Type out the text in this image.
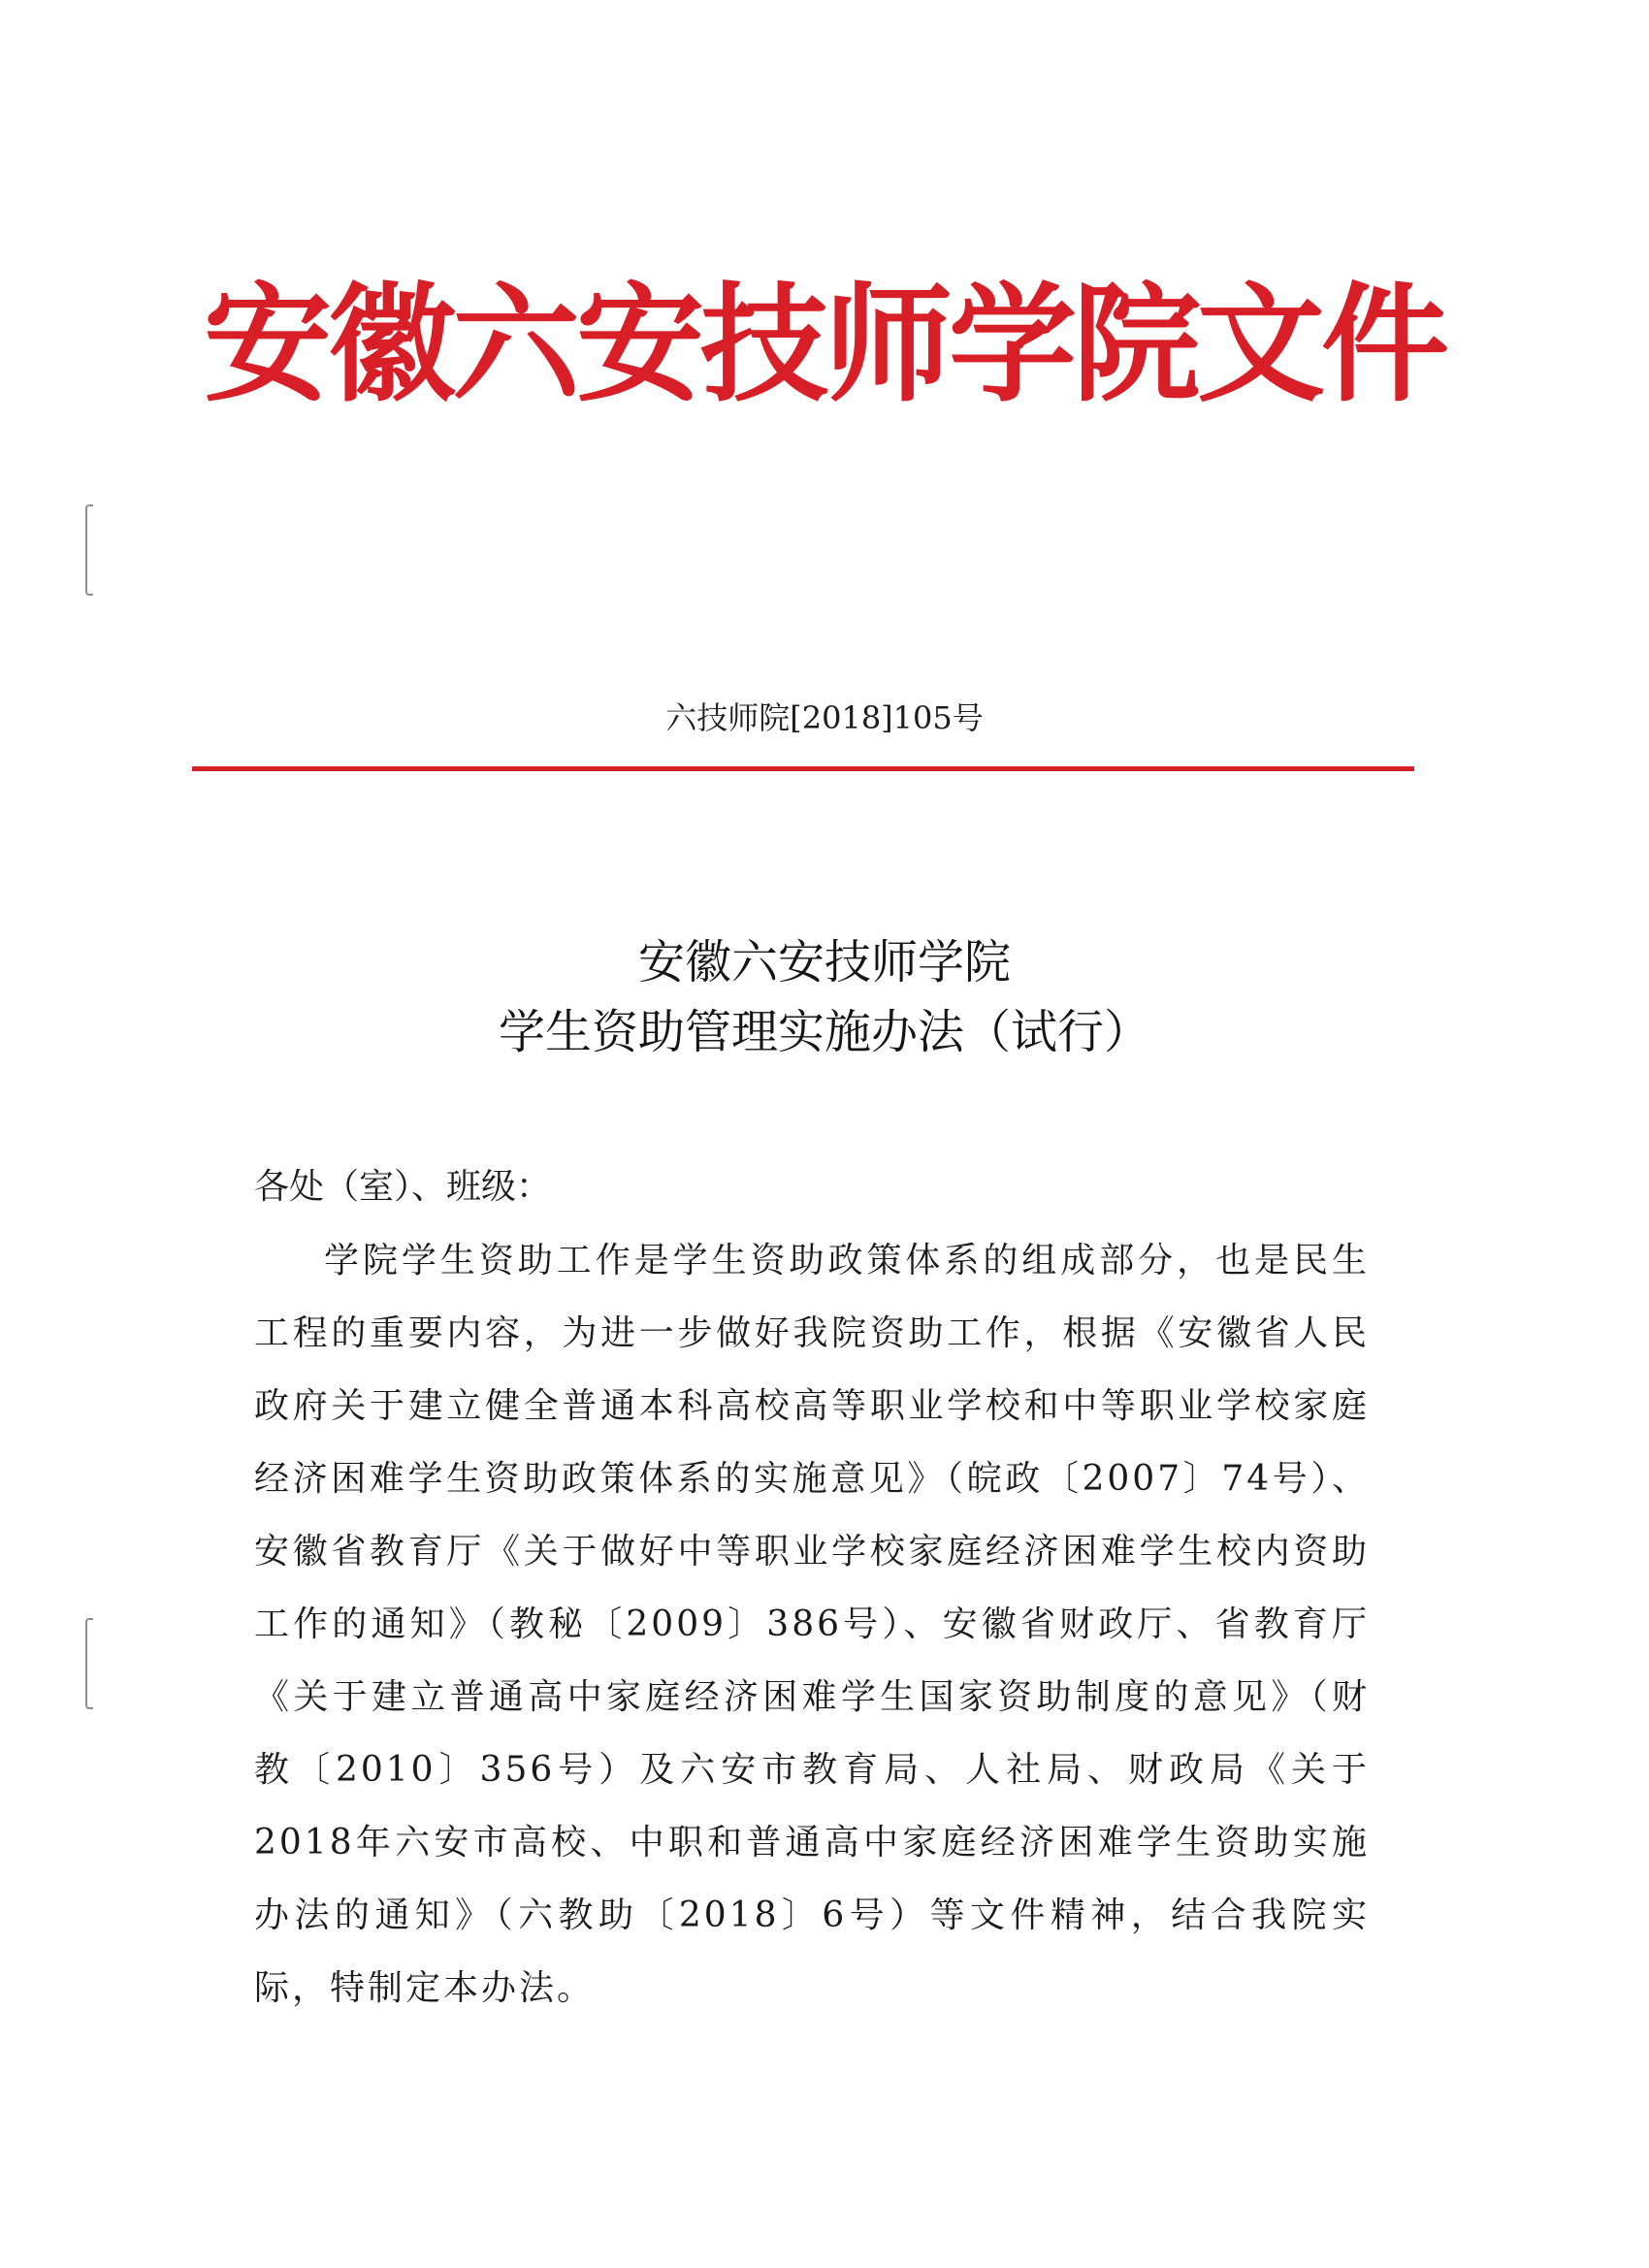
安徽六安技师学院文件
六技师院[2018]105号
安徽六安技师学院
学生资助管理实施办法（试行）
各处（室）、班级：
学院学生资助工作是学生资助政策体系的组成部分，也是民生工程的重要内容，为进一步做好我院资助工作，根据《安徽省人民政府关于建立健全普通本科高校高等职业学校和中等职业学校家庭经济困难学生资助政策体系的实施意见》（皖政〔2007〕74号）、安徽省教育厅《关于做好中等职业学校家庭经济困难学生校内资助工作的通知》（教秘〔2009〕386号）、安徽省财政厅、省教育厅《关于建立普通高中家庭经济困难学生国家资助制度的意见》（财教〔2010〕356号）及六安市教育局、人社局、财政局《关于2018年六安市高校、中职和普通高中家庭经济困难学生资助实施办法的通知》（六教助〔2018〕6号）等文件精神，结合我院实际，特制定本办法。
